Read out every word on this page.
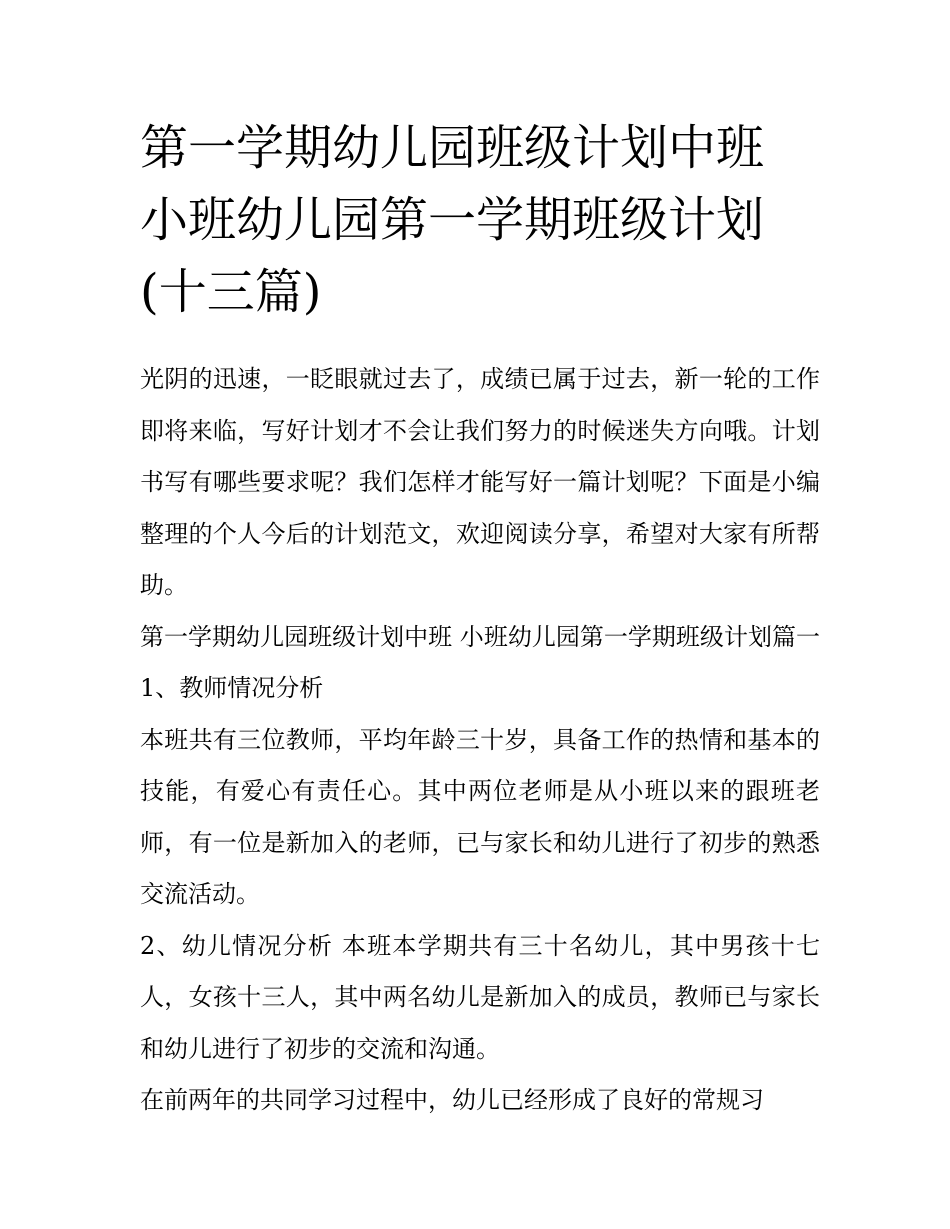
第一学期幼儿园班级计划中班 小班幼儿园第一学期班级计划(十三篇)

光阴的迅速，一眨眼就过去了，成绩已属于过去，新一轮的工作即将来临，写好计划才不会让我们努力的时候迷失方向哦。计划书写有哪些要求呢？我们怎样才能写好一篇计划呢？下面是小编整理的个人今后的计划范文，欢迎阅读分享，希望对大家有所帮助。

第一学期幼儿园班级计划中班 小班幼儿园第一学期班级计划篇一1、教师情况分析

本班共有三位教师，平均年龄三十岁，具备工作的热情和基本的技能，有爱心有责任心。其中两位老师是从小班以来的跟班老师，有一位是新加入的老师，已与家长和幼儿进行了初步的熟悉交流活动。

2、幼儿情况分析 本班本学期共有三十名幼儿，其中男孩十七人，女孩十三人，其中两名幼儿是新加入的成员，教师已与家长和幼儿进行了初步的交流和沟通。

在前两年的共同学习过程中，幼儿已经形成了良好的常规习
